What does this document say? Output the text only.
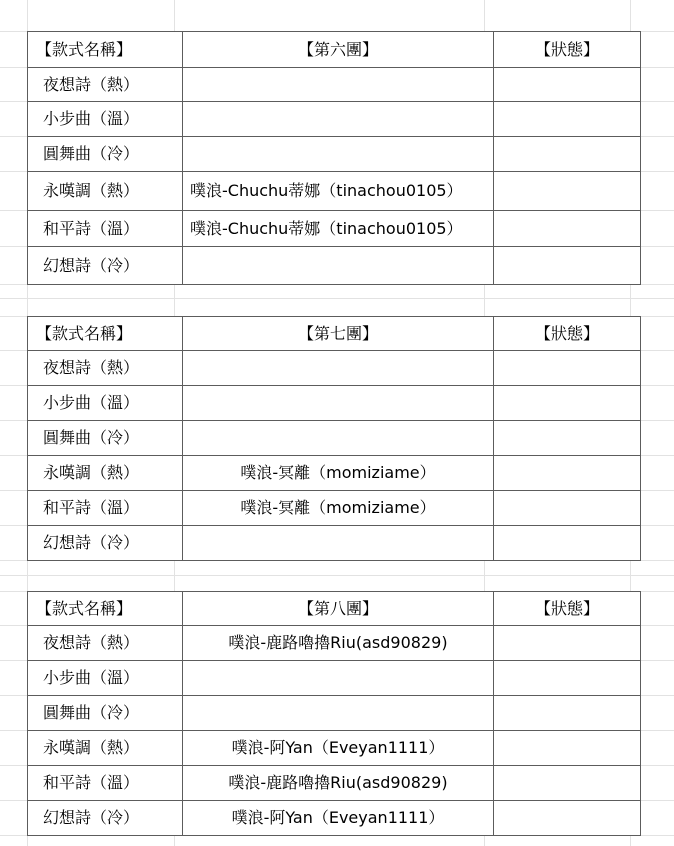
【款式名稱】	【第六團】	【狀態】
夜想詩（熱）		
小步曲（溫）		
圓舞曲（冷）		
永嘆調（熱）	噗浪-Chuchu蒂娜（tinachou0105）	
和平詩（溫）	噗浪-Chuchu蒂娜（tinachou0105）	
幻想詩（冷）		
【款式名稱】	【第七團】	【狀態】
夜想詩（熱）		
小步曲（溫）		
圓舞曲（冷）		
永嘆調（熱）	噗浪-冥離（momiziame）	
和平詩（溫）	噗浪-冥離（momiziame）	
幻想詩（冷）		
【款式名稱】	【第八團】	【狀態】
夜想詩（熱）	噗浪-鹿路嚕擼Riu(asd90829)	
小步曲（溫）		
圓舞曲（冷）		
永嘆調（熱）	噗浪-阿Yan（Eveyan1111）	
和平詩（溫）	噗浪-鹿路嚕擼Riu(asd90829)	
幻想詩（冷）	噗浪-阿Yan（Eveyan1111）	
